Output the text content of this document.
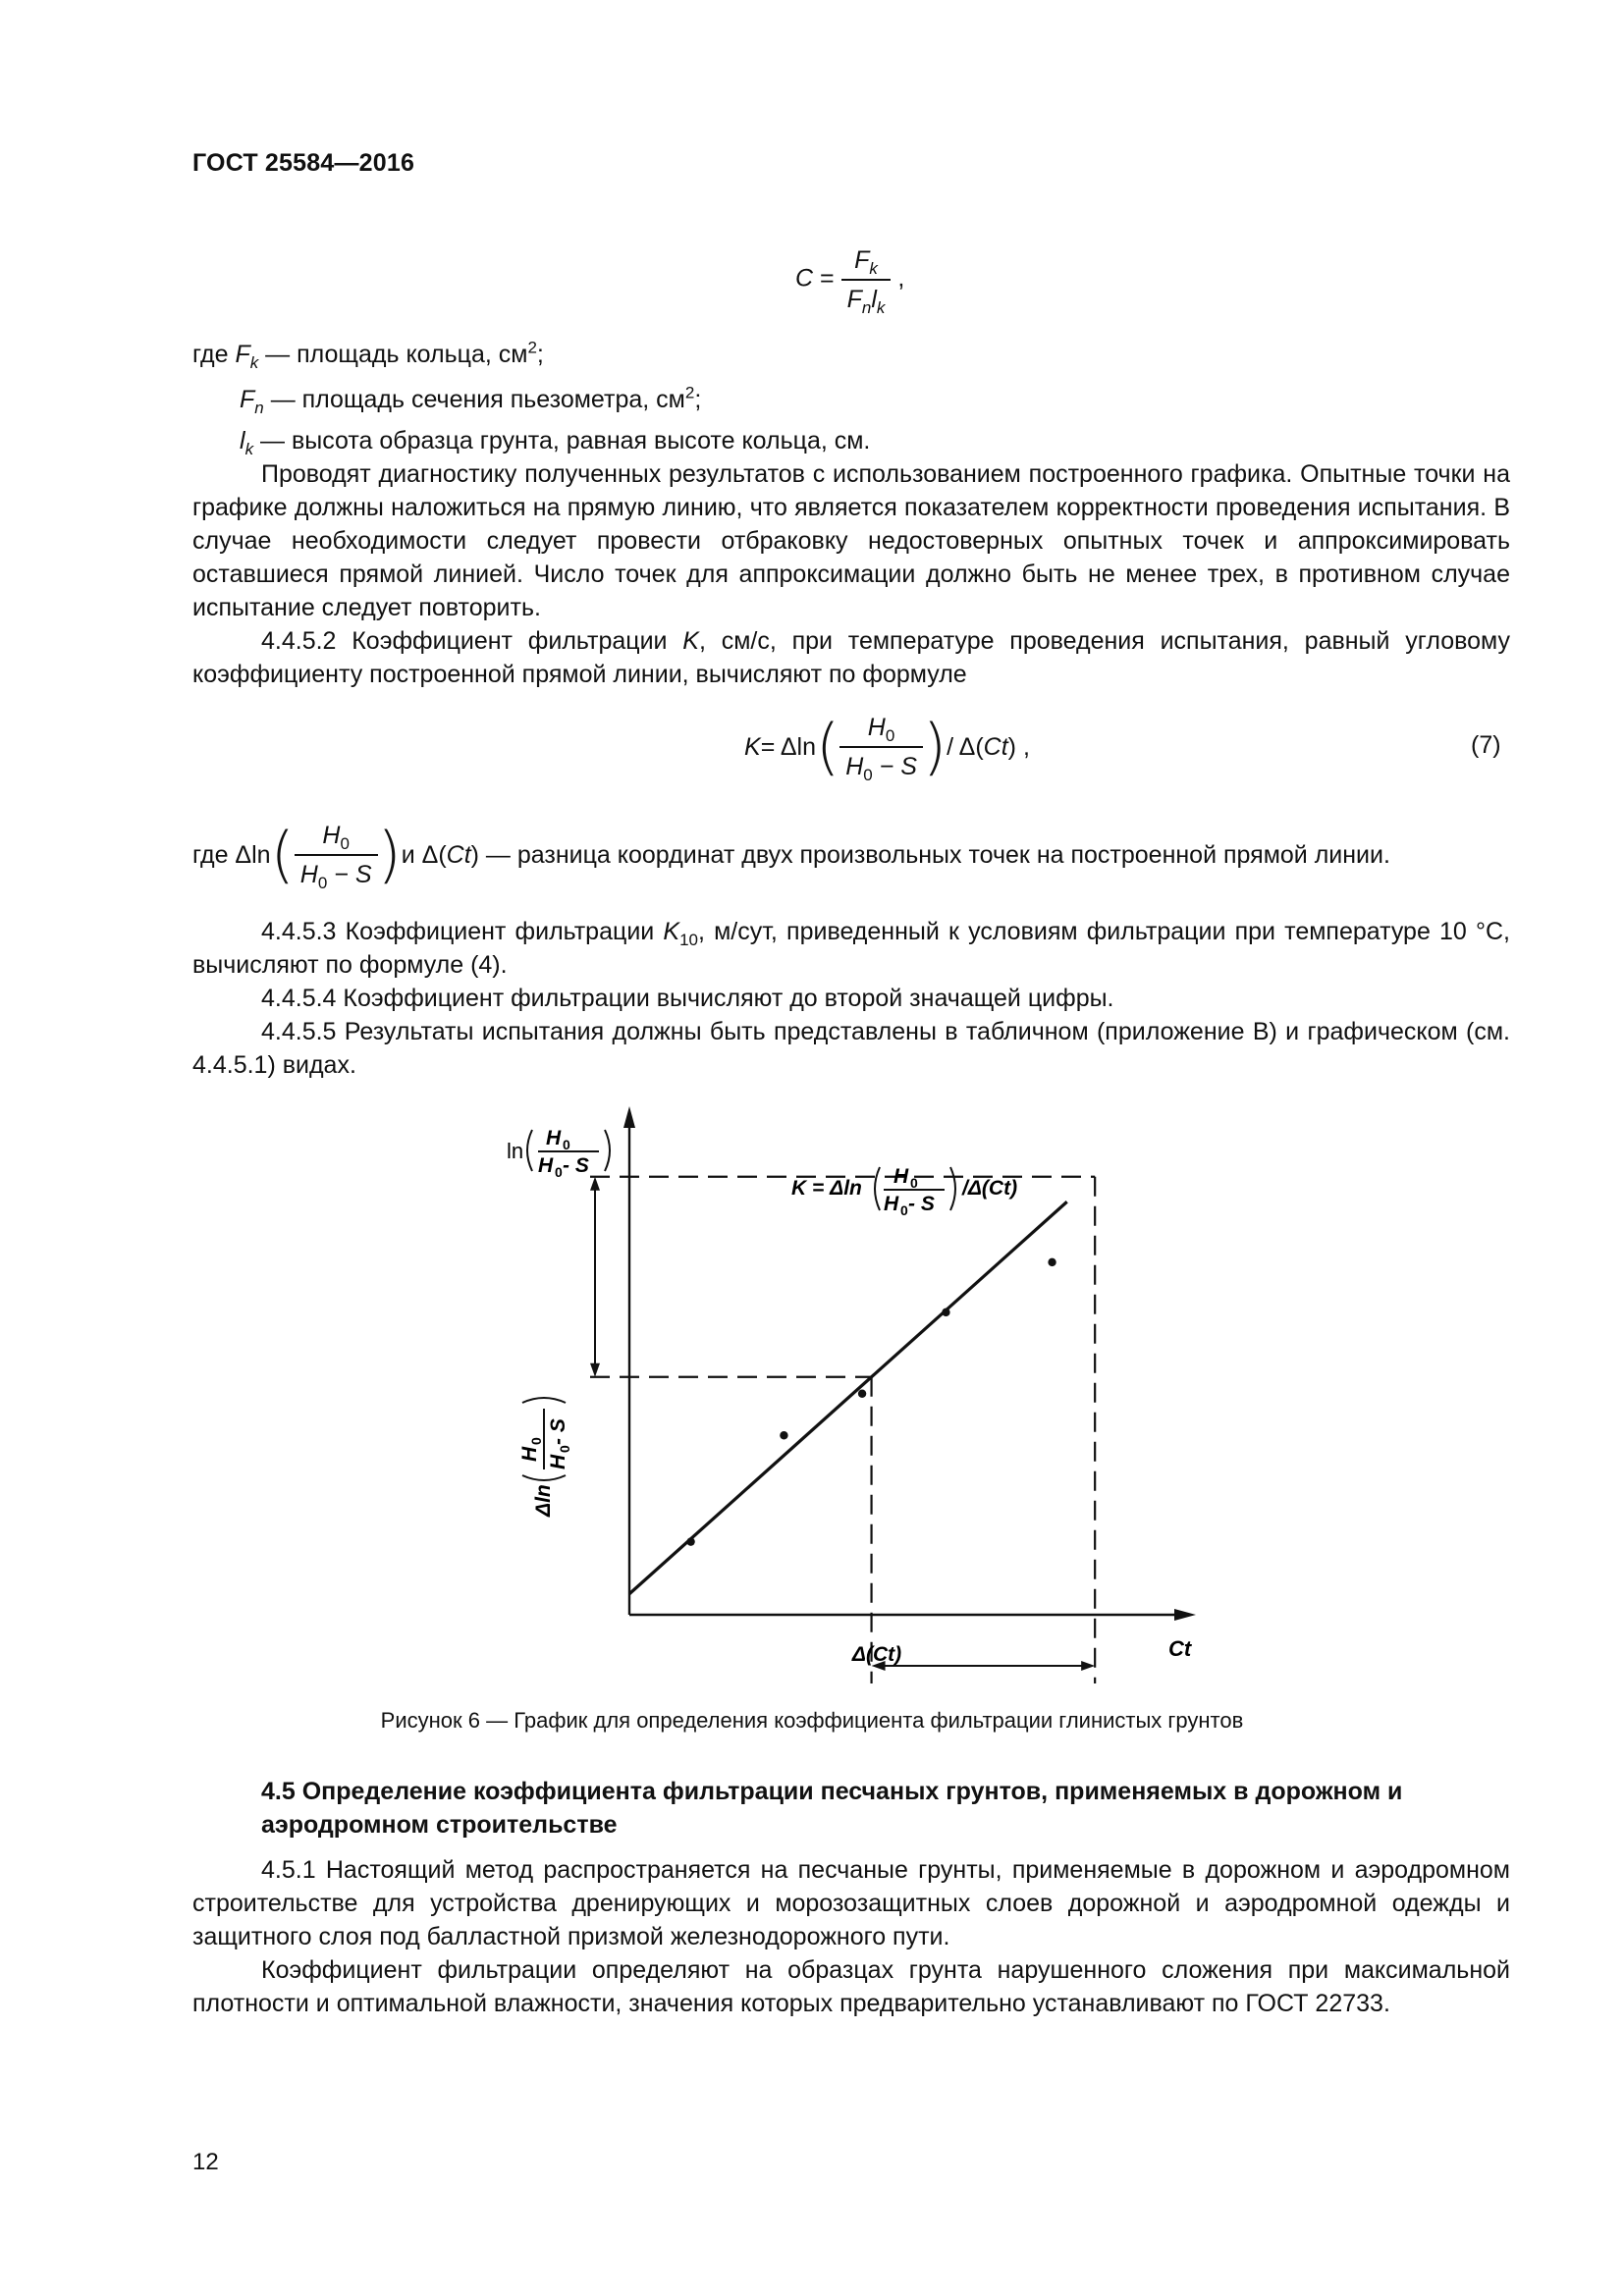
ГОСТ 25584—2016
$C = \frac{F_k}{F_nl_k}$ ,
где $F_k$ — площадь кольца, $см^2$;
$F_n$ — площадь сечения пьезометра, $см^2$;
$l_k$ — высота образца грунта, равная высоте кольца, см.
Проводят диагностику полученных результатов с использованием построенного графика. Опытные точки на графике должны наложиться на прямую линию, что является показателем корректности проведения испытания. В случае необходимости следует провести отбраковку недостоверных опытных точек и аппроксимировать оставшиеся прямой линией. Число точек для аппроксимации должно быть не менее трех, в противном случае испытание следует повторить.
4.4.5.2 Коэффициент фильтрации K, см/с, при температуре проведения испытания, равный угловому коэффициенту построенной прямой линии, вычисляют по формуле
K = Δln ( $\frac{H_0}{H_0 - S}$ ) / Δ( Ct ) ,	(7)
где Δln ( $\frac{H_0}{H_0 - S}$ ) и Δ( Ct ) — разница координат двух произвольных точек на построенной прямой линии.
4.4.5.3 Коэффициент фильтрации $K_{10}$, м/сут, приведенный к условиям фильтрации при температуре 10 °С, вычисляют по формуле (4).
4.4.5.4 Коэффициент фильтрации вычисляют до второй значащей цифры.
4.4.5.5 Результаты испытания должны быть представлены в табличном (приложение В) и графическом (см. 4.4.5.1) видах.
ln
H 0
H 0 - S
K = Δln
H 0
H 0 - S
/Δ(Ct)
Δln
H
0
H
0
- S
Δ(Ct)	Ct
Рисунок 6 — График для определения коэффициента фильтрации глинистых грунтов
4.5 Определение коэффициента фильтрации песчаных грунтов, применяемых в дорожном и аэродромном строительстве
4.5.1 Настоящий метод распространяется на песчаные грунты, применяемые в дорожном и аэродромном строительстве для устройства дренирующих и морозозащитных слоев дорожной и аэродромной одежды и защитного слоя под балластной призмой железнодорожного пути.
Коэффициент фильтрации определяют на образцах грунта нарушенного сложения при максимальной плотности и оптимальной влажности, значения которых предварительно устанавливают по ГОСТ 22733.
12
